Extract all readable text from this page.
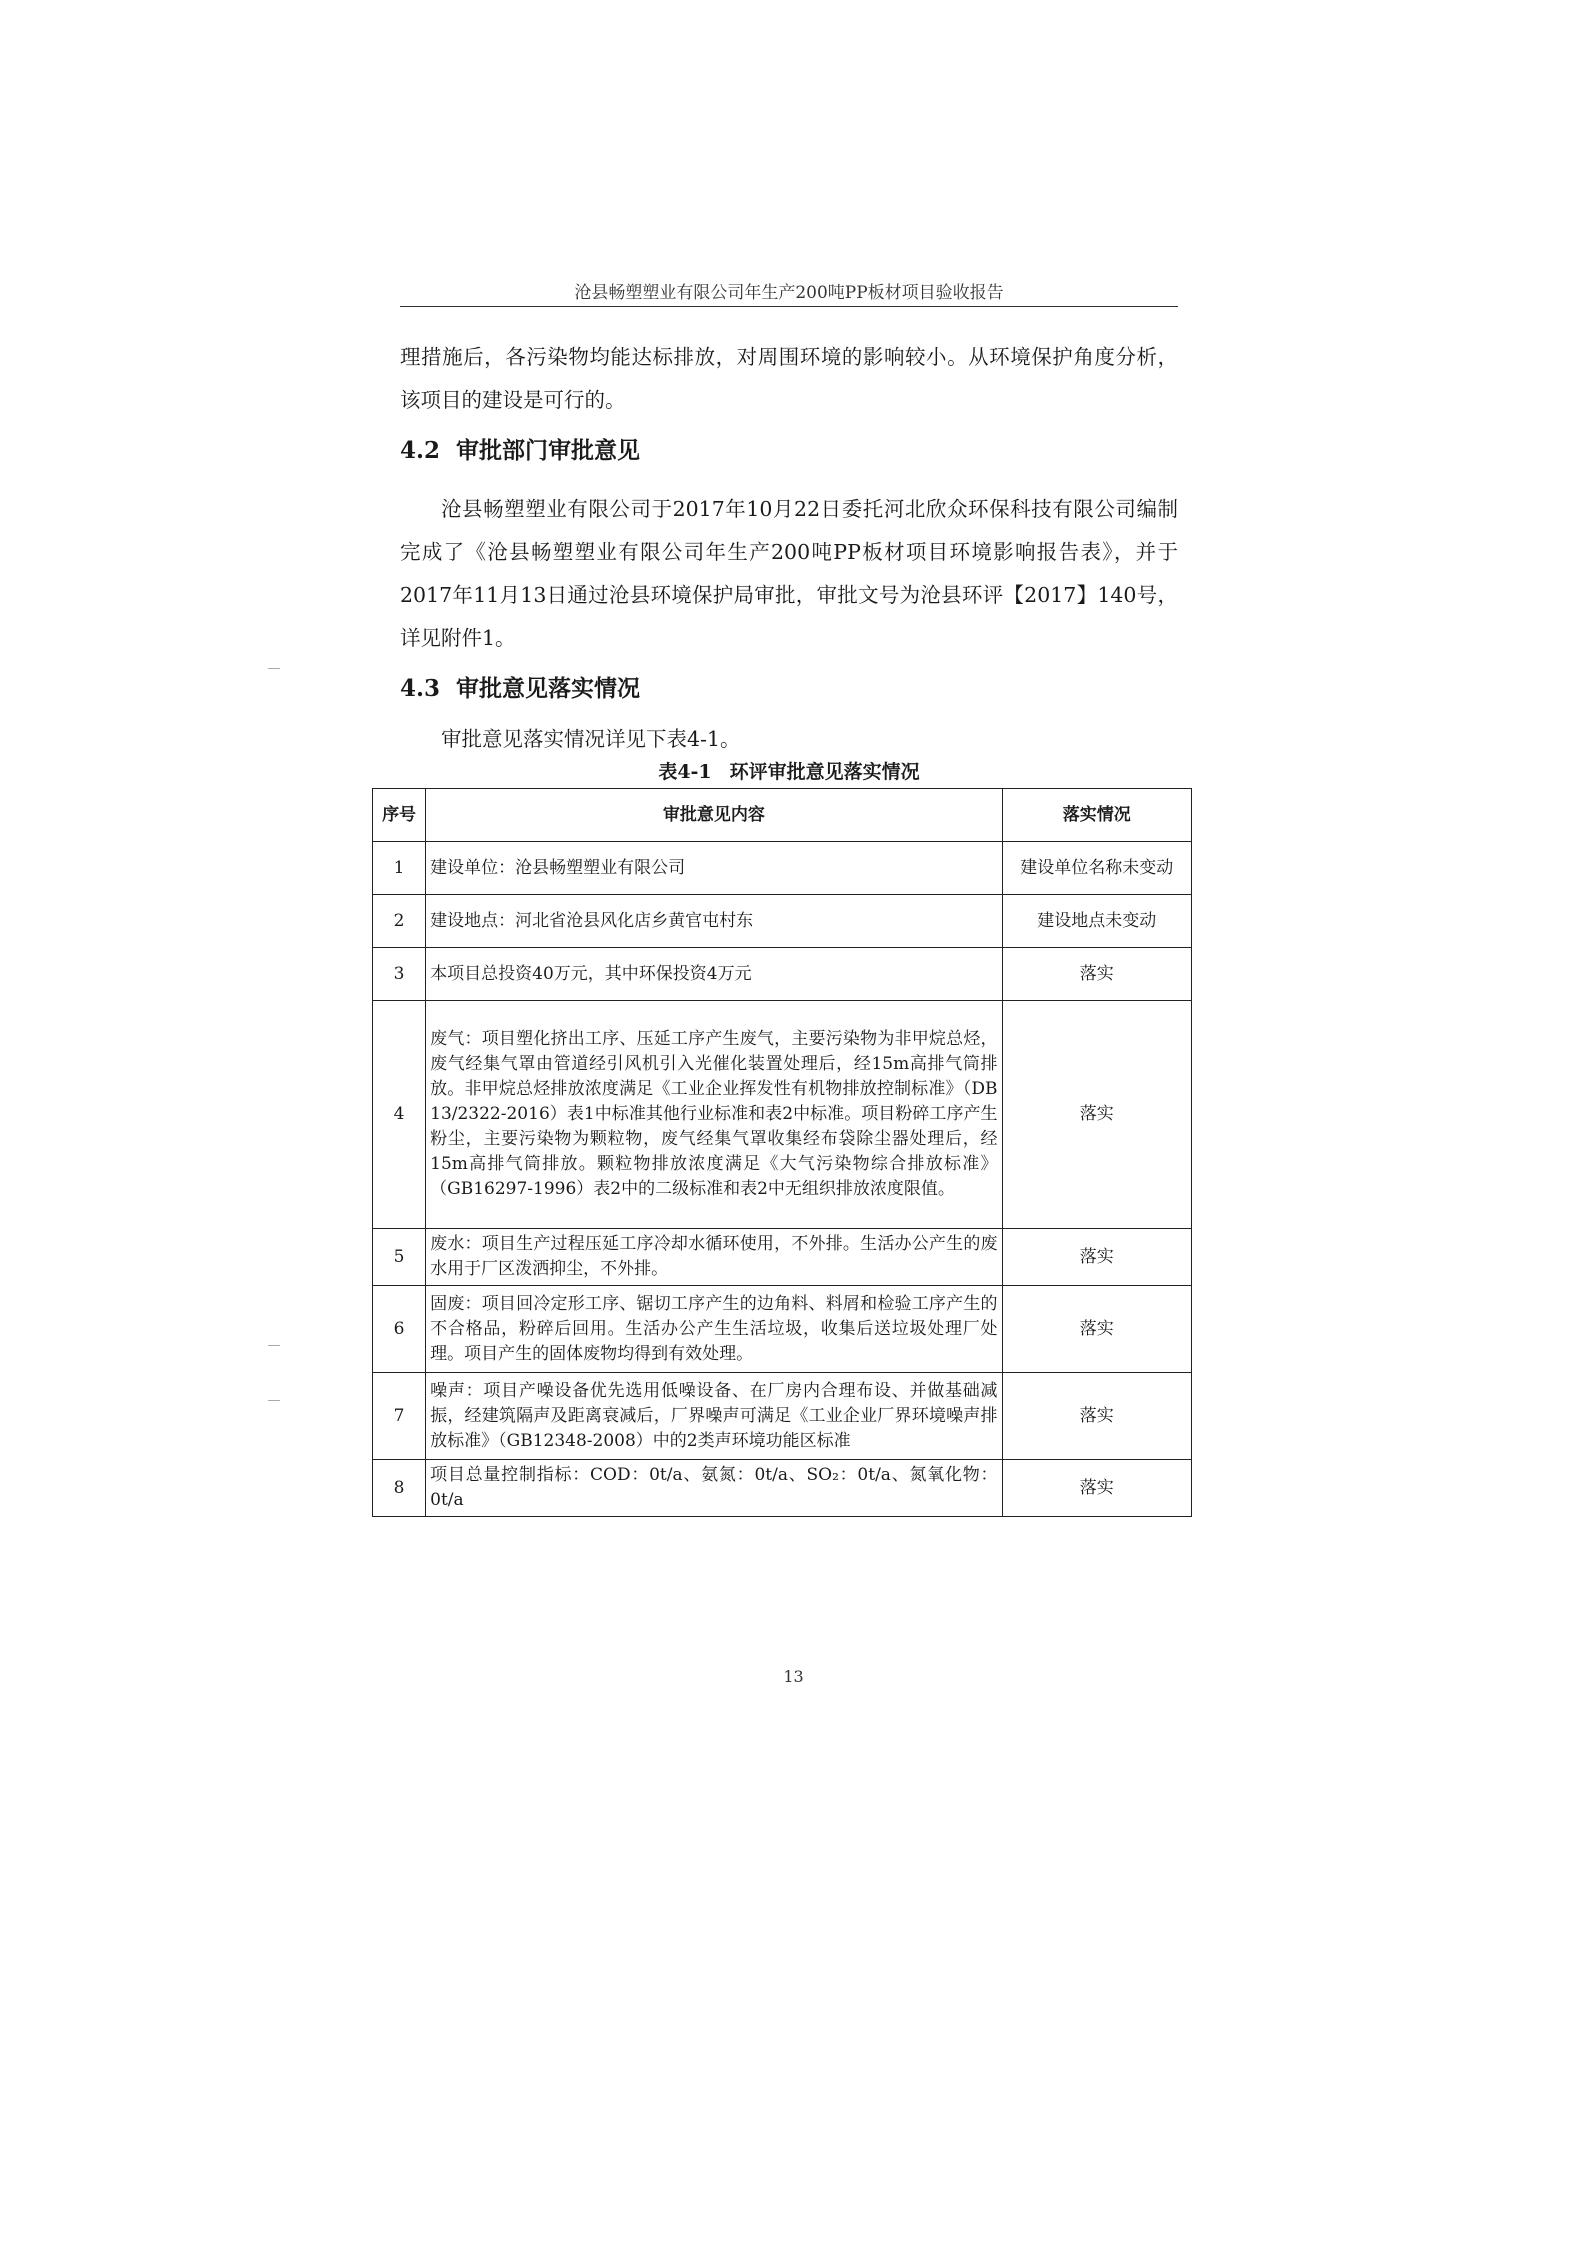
沧县畅塑塑业有限公司年生产200吨PP板材项目验收报告
理措施后，各污染物均能达标排放，对周围环境的影响较小。从环境保护角度分析，该项目的建设是可行的。
4.2 审批部门审批意见
沧县畅塑塑业有限公司于2017年10月22日委托河北欣众环保科技有限公司编制完成了《沧县畅塑塑业有限公司年生产200吨PP板材项目环境影响报告表》，并于2017年11月13日通过沧县环境保护局审批，审批文号为沧县环评【2017】140号，详见附件1。
4.3 审批意见落实情况
审批意见落实情况详见下表4-1。
表4-1 环评审批意见落实情况
序号	审批意见内容	落实情况
1	建设单位：沧县畅塑塑业有限公司	建设单位名称未变动
2	建设地点：河北省沧县风化店乡黄官屯村东	建设地点未变动
3	本项目总投资40万元，其中环保投资4万元	落实
4	废气：项目塑化挤出工序、压延工序产生废气，主要污染物为非甲烷总烃，废气经集气罩由管道经引风机引入光催化装置处理后，经15m高排气筒排放。非甲烷总烃排放浓度满足《工业企业挥发性有机物排放控制标准》（DB 13/2322-2016）表1中标准其他行业标准和表2中标准。项目粉碎工序产生粉尘，主要污染物为颗粒物，废气经集气罩收集经布袋除尘器处理后，经15m高排气筒排放。颗粒物排放浓度满足《大气污染物综合排放标准》（GB16297-1996）表2中的二级标准和表2中无组织排放浓度限值。	落实
5	废水：项目生产过程压延工序冷却水循环使用，不外排。生活办公产生的废水用于厂区泼洒抑尘，不外排。	落实
6	固废：项目回冷定形工序、锯切工序产生的边角料、料屑和检验工序产生的不合格品，粉碎后回用。生活办公产生生活垃圾，收集后送垃圾处理厂处理。项目产生的固体废物均得到有效处理。	落实
7	噪声：项目产噪设备优先选用低噪设备、在厂房内合理布设、并做基础减振，经建筑隔声及距离衰减后，厂界噪声可满足《工业企业厂界环境噪声排放标准》（GB12348-2008）中的2类声环境功能区标准	落实
8	项目总量控制指标：COD：0t/a、氨氮：0t/a、SO₂：0t/a、氮氧化物：0t/a	落实
13
